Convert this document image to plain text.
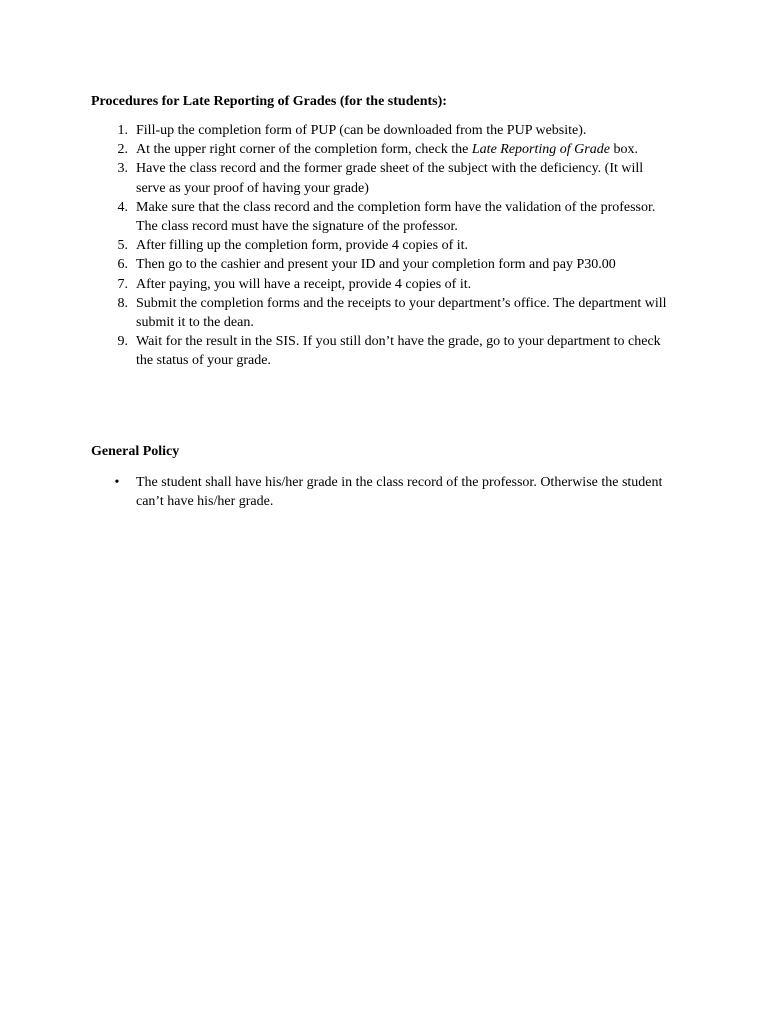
Procedures for Late Reporting of Grades (for the students):
1. Fill-up the completion form of PUP (can be downloaded from the PUP website).
2. At the upper right corner of the completion form, check the Late Reporting of Grade box.
3. Have the class record and the former grade sheet of the subject with the deficiency. (It will serve as your proof of having your grade)
4. Make sure that the class record and the completion form have the validation of the professor. The class record must have the signature of the professor.
5. After filling up the completion form, provide 4 copies of it.
6. Then go to the cashier and present your ID and your completion form and pay P30.00
7. After paying, you will have a receipt, provide 4 copies of it.
8. Submit the completion forms and the receipts to your department’s office. The department will submit it to the dean.
9. Wait for the result in the SIS. If you still don’t have the grade, go to your department to check the status of your grade.
General Policy
• The student shall have his/her grade in the class record of the professor. Otherwise the student can’t have his/her grade.
